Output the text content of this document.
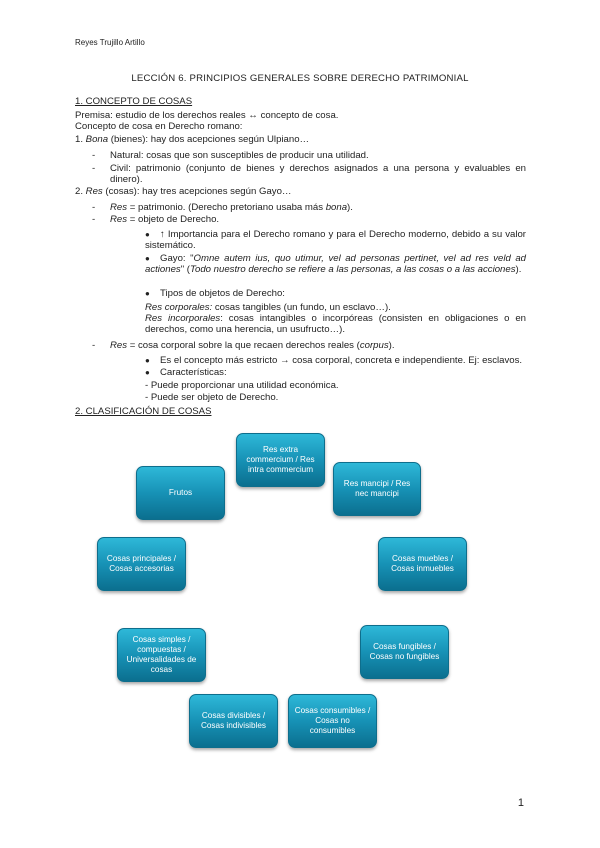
Reyes Trujillo Artillo
LECCIÓN 6. PRINCIPIOS GENERALES SOBRE DERECHO PATRIMONIAL
1. CONCEPTO DE COSAS
Premisa: estudio de los derechos reales ↔ concepto de cosa.
Concepto de cosa en Derecho romano:
1. Bona (bienes): hay dos acepciones según Ulpiano…
- Natural: cosas que son susceptibles de producir una utilidad.
- Civil: patrimonio (conjunto de bienes y derechos asignados a una persona y evaluables en dinero).
2. Res (cosas): hay tres acepciones según Gayo…
- Res = patrimonio. (Derecho pretoriano usaba más bona).
- Res = objeto de Derecho.
●	↑ Importancia para el Derecho romano y para el Derecho moderno, debido a su valor sistemático.
●	Gayo: "Omne autem ius, quo utimur, vel ad personas pertinet, vel ad res veld ad actiones" (Todo nuestro derecho se refiere a las personas, a las cosas o a las acciones).
● Tipos de objetos de Derecho:
Res corporales: cosas tangibles (un fundo, un esclavo…).
Res incorporales: cosas intangibles o incorpóreas (consisten en obligaciones o en derechos, como una herencia, un usufructo…).
- Res = cosa corporal sobre la que recaen derechos reales (corpus).
● Es el concepto más estricto → cosa corporal, concreta e independiente. Ej: esclavos.
● Características:
- Puede proporcionar una utilidad económica.
- Puede ser objeto de Derecho.
2. CLASIFICACIÓN DE COSAS
Res extra commercium / Res intra commercium
Res mancipi / Res nec mancipi
Cosas muebles / Cosas inmuebles
Cosas fungibles / Cosas no fungibles
Cosas consumibles / Cosas no consumibles
Cosas divisibles / Cosas indivisibles
Cosas simples / compuestas / Universalidades de cosas
Cosas principales / Cosas accesorias
Frutos
1
